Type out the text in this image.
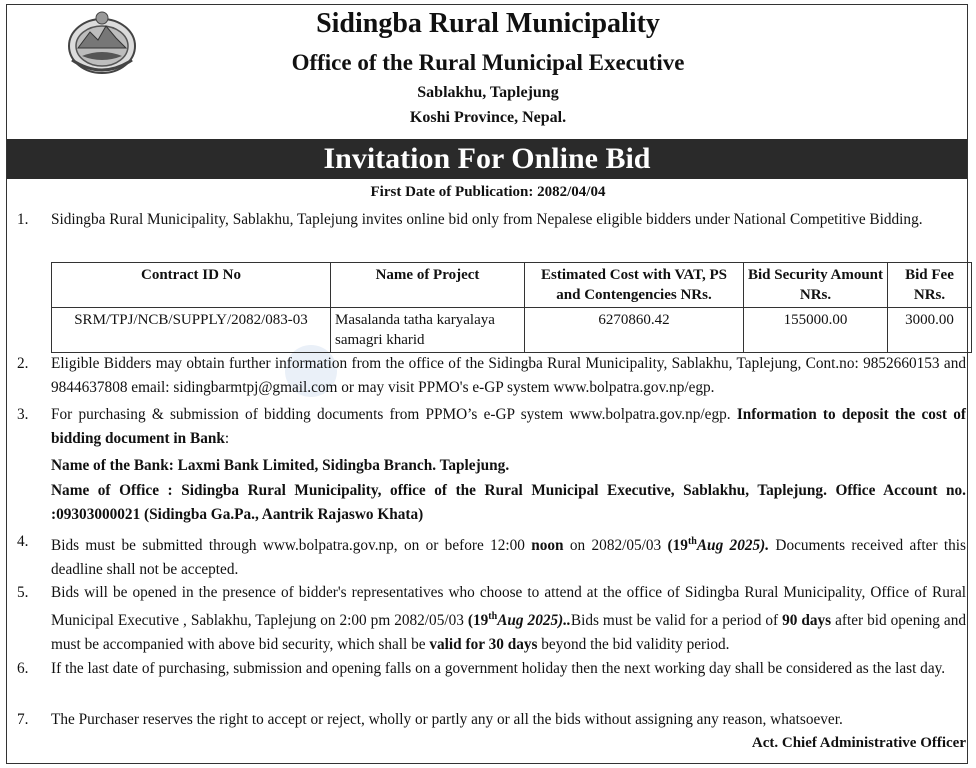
Sidingba Rural Municipality
Office of the Rural Municipal Executive
Sablakhu, Taplejung
Koshi Province, Nepal.
Invitation For Online Bid
First Date of Publication: 2082/04/04
1.	Sidingba Rural Municipality, Sablakhu, Taplejung invites online bid only from Nepalese eligible bidders under National Competitive Bidding.
Contract ID No	Name of Project	Estimated Cost with VAT, PS and Contengencies NRs.	Bid Security Amount NRs.	Bid Fee NRs.
SRM/TPJ/NCB/SUPPLY/2082/083-03	Masalanda tatha karyalaya samagri kharid	6270860.42	155000.00	3000.00
2.	Eligible Bidders may obtain further information from the office of the Sidingba Rural Municipality, Sablakhu, Taplejung, Cont.no: 9852660153 and 9844637808 email: sidingbarmtpj@gmail.com or may visit PPMO's e-GP system www.bolpatra.gov.np/egp.
3.	For purchasing & submission of bidding documents from PPMO’s e-GP system www.bolpatra.gov.np/egp. Information to deposit the cost of bidding document in Bank:
Name of the Bank: Laxmi Bank Limited, Sidingba Branch. Taplejung.
Name of Office : Sidingba Rural Municipality, office of the Rural Municipal Executive, Sablakhu, Taplejung. Office Account no. :09303000021 (Sidingba Ga.Pa., Aantrik Rajaswo Khata)
4.	Bids must be submitted through www.bolpatra.gov.np, on or before 12:00 noon on 2082/05/03 (19thAug 2025). Documents received after this deadline shall not be accepted.
5.	Bids will be opened in the presence of bidder's representatives who choose to attend at the office of Sidingba Rural Municipality, Office of Rural Municipal Executive , Sablakhu, Taplejung on 2:00 pm 2082/05/03 (19thAug 2025)..Bids must be valid for a period of 90 days after bid opening and must be accompanied with above bid security, which shall be valid for 30 days beyond the bid validity period.
6.	If the last date of purchasing, submission and opening falls on a government holiday then the next working day shall be considered as the last day.
7.	The Purchaser reserves the right to accept or reject, wholly or partly any or all the bids without assigning any reason, whatsoever.
Act. Chief Administrative Officer
